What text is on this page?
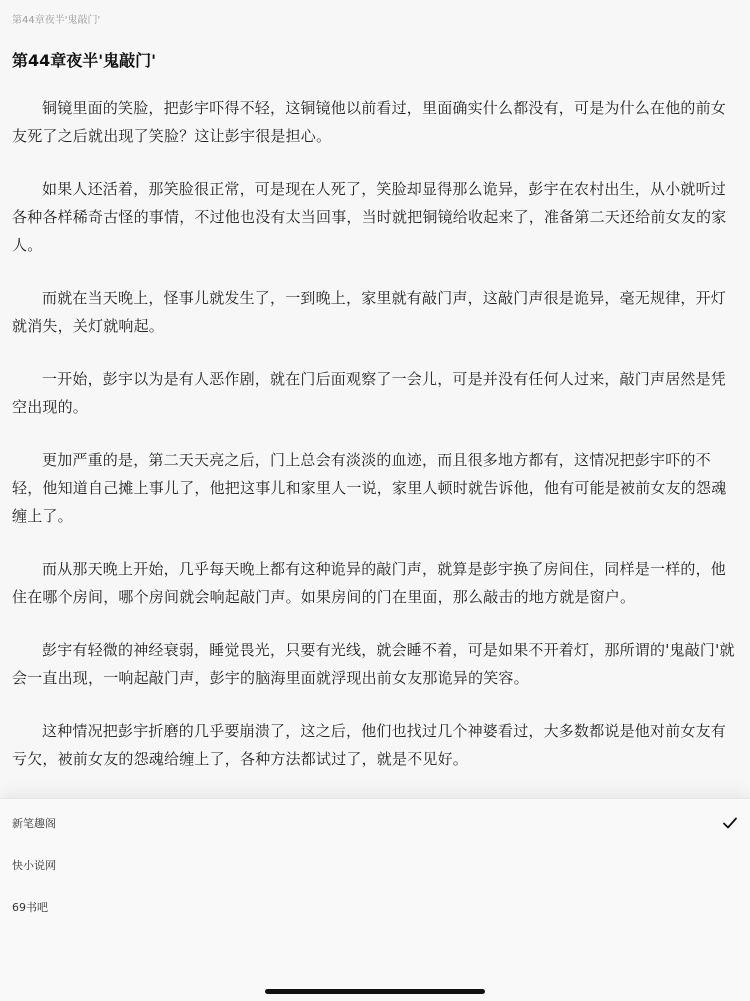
第44章夜半'鬼敲门'
第44章夜半'鬼敲门'

铜镜里面的笑脸，把彭宇吓得不轻，这铜镜他以前看过，里面确实什么都没有，可是为什么在他的前女友死了之后就出现了笑脸？这让彭宇很是担心。

如果人还活着，那笑脸很正常，可是现在人死了，笑脸却显得那么诡异，彭宇在农村出生，从小就听过各种各样稀奇古怪的事情，不过他也没有太当回事，当时就把铜镜给收起来了，准备第二天还给前女友的家人。

而就在当天晚上，怪事儿就发生了，一到晚上，家里就有敲门声，这敲门声很是诡异，毫无规律，开灯就消失，关灯就响起。

一开始，彭宇以为是有人恶作剧，就在门后面观察了一会儿，可是并没有任何人过来，敲门声居然是凭空出现的。

更加严重的是，第二天天亮之后，门上总会有淡淡的血迹，而且很多地方都有，这情况把彭宇吓的不轻，他知道自己摊上事儿了，他把这事儿和家里人一说，家里人顿时就告诉他，他有可能是被前女友的怨魂缠上了。

而从那天晚上开始，几乎每天晚上都有这种诡异的敲门声，就算是彭宇换了房间住，同样是一样的，他住在哪个房间，哪个房间就会响起敲门声。如果房间的门在里面，那么敲击的地方就是窗户。

彭宇有轻微的神经衰弱，睡觉畏光，只要有光线，就会睡不着，可是如果不开着灯，那所谓的'鬼敲门'就会一直出现，一响起敲门声，彭宇的脑海里面就浮现出前女友那诡异的笑容。

这种情况把彭宇折磨的几乎要崩溃了，这之后，他们也找过几个神婆看过，大多数都说是他对前女友有亏欠，被前女友的怨魂给缠上了，各种方法都试过了，就是不见好。

新笔趣阁
快小说网
69书吧
